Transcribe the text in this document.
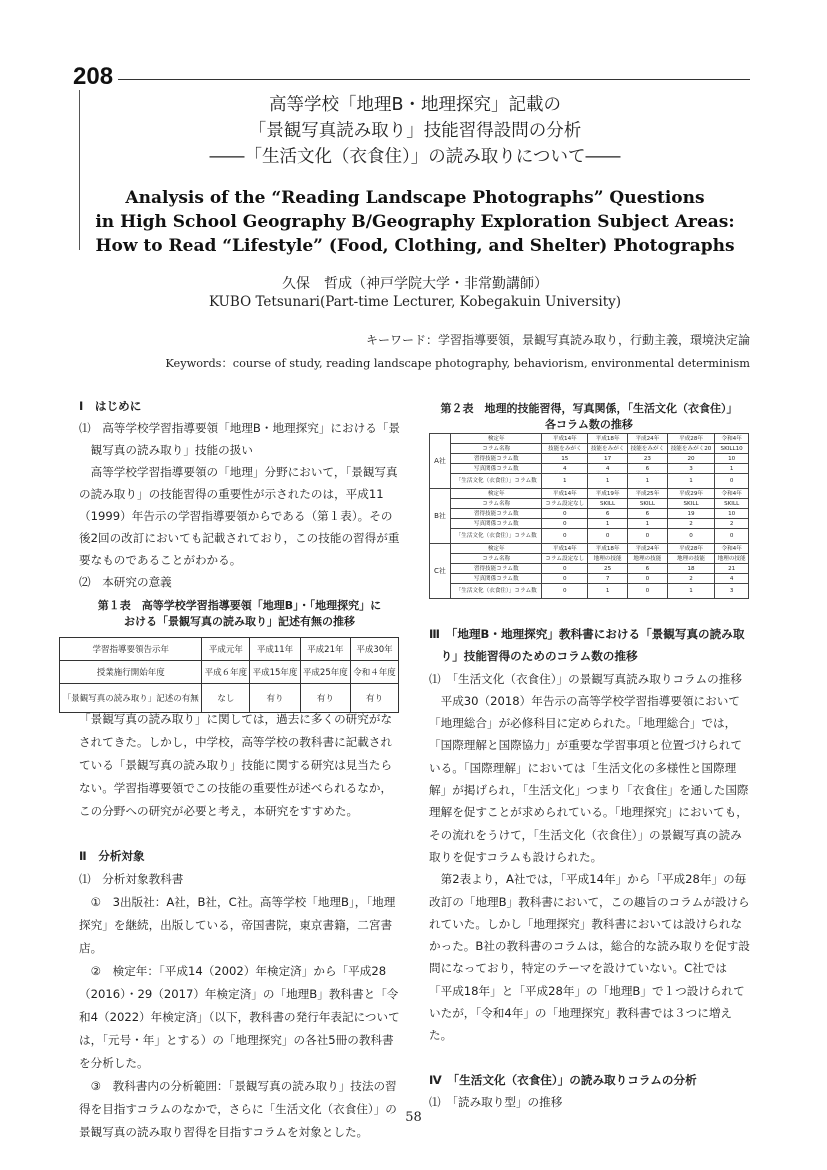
208
高等学校「地理B・地理探究」記載の
「景観写真読み取り」技能習得設問の分析
――「生活文化（衣食住）」の読み取りについて――
Analysis of the “Reading Landscape Photographs” Questions
in High School Geography B/Geography Exploration Subject Areas:
How to Read “Lifestyle” (Food, Clothing, and Shelter) Photographs
久保　哲成（神戸学院大学・非常勤講師）
KUBO Tetsunari(Part-time Lecturer, Kobegakuin University)
キーワード：学習指導要領，景観写真読み取り，行動主義，環境決定論
Keywords：course of study, reading landscape photography, behaviorism, environmental determinism

Ⅰ　はじめに

⑴　高等学校学習指導要領「地理B・地理探究」における「景観写真の読み取り」技能の扱い

高等学校学習指導要領の「地理」分野において，「景観写真の読み取り」の技能習得の重要性が示されたのは，平成11（1999）年告示の学習指導要領からである（第１表）。その後2回の改訂においても記載されており，この技能の習得が重要なものであることがわかる。

⑵　本研究の意義

第１表　高等学校学習指導要領「地理B」・「地理探究」に
おける「景観写真の読み取り」記述有無の推移
学習指導要領告示年	平成元年	平成11年	平成21年	平成30年
授業施行開始年度	平成６年度	平成15年度	平成25年度	令和４年度
「景観写真の読み取り」記述の有無	なし	有り	有り	有り

「景観写真の読み取り」に関しては，過去に多くの研究がなされてきた。しかし，中学校，高等学校の教科書に記載されている「景観写真の読み取り」技能に関する研究は見当たらない。学習指導要領でこの技能の重要性が述べられるなか，この分野への研究が必要と考え，本研究をすすめた。

Ⅱ　分析対象

⑴　分析対象教科書

①　3出版社：A社，B社，C社。高等学校「地理B」，「地理探究」を継続，出版している，帝国書院，東京書籍，二宮書店。

②　検定年：「平成14（2002）年検定済」から「平成28（2016）・29（2017）年検定済」の「地理B」教科書と「令和4（2022）年検定済」（以下，教科書の発行年表記については，「元号・年」とする）の「地理探究」の各社5冊の教科書を分析した。

③　教科書内の分析範囲：「景観写真の読み取り」技法の習得を目指すコラムのなかで，さらに「生活文化（衣食住）」の景観写真の読み取り習得を目指すコラムを対象とした。

第２表　地理的技能習得，写真関係，「生活文化（衣食住）」
各コラム数の推移
A社	検定年	平成14年	平成18年	平成24年	平成28年	令和4年
	コラム名称	技能をみがく	技能をみがく	技能をみがく	技能をみがく20	SKILL10
	習得技能コラム数	15	17	23	20	10
	写真関係コラム数	4	4	6	3	1
	「生活文化（衣食住）」コラム数	1	1	1	1	0
B社	検定年	平成14年	平成19年	平成25年	平成29年	令和4年
	コラム名称	コラム設定なし	SKILL	SKILL	SKILL	SKILL
	習得技能コラム数	0	6	6	19	10
	写真関係コラム数	0	1	1	2	2
	「生活文化（衣食住）」コラム数	0	0	0	0	0
C社	検定年	平成14年	平成18年	平成24年	平成28年	令和4年
	コラム名称	コラム設定なし	地理の技能	地理の技能	地理の技能	地理の技能
	習得技能コラム数	0	25	6	18	21
	写真関係コラム数	0	7	0	2	4
	「生活文化（衣食住）」コラム数	0	1	0	1	3

Ⅲ　「地理B・地理探究」教科書における「景観写真の読み取り」技能習得のためのコラム数の推移

⑴　「生活文化（衣食住）」の景観写真読み取りコラムの推移

平成30（2018）年告示の高等学校学習指導要領において「地理総合」が必修科目に定められた。「地理総合」では，「国際理解と国際協力」が重要な学習事項と位置づけられている。「国際理解」においては「生活文化の多様性と国際理解」が掲げられ，「生活文化」つまり「衣食住」を通した国際理解を促すことが求められている。「地理探究」においても，その流れをうけて，「生活文化（衣食住）」の景観写真の読み取りを促すコラムも設けられた。

第2表より，A社では，「平成14年」から「平成28年」の毎改訂の「地理B」教科書において，この趣旨のコラムが設けられていた。しかし「地理探究」教科書においては設けられなかった。B社の教科書のコラムは，総合的な読み取りを促す設問になっており，特定のテーマを設けていない。C社では「平成18年」と「平成28年」の「地理B」で１つ設けられていたが，「令和4年」の「地理探究」教科書では３つに増えた。

Ⅳ　「生活文化（衣食住）」の読み取りコラムの分析

⑴　「読み取り型」の推移

58
